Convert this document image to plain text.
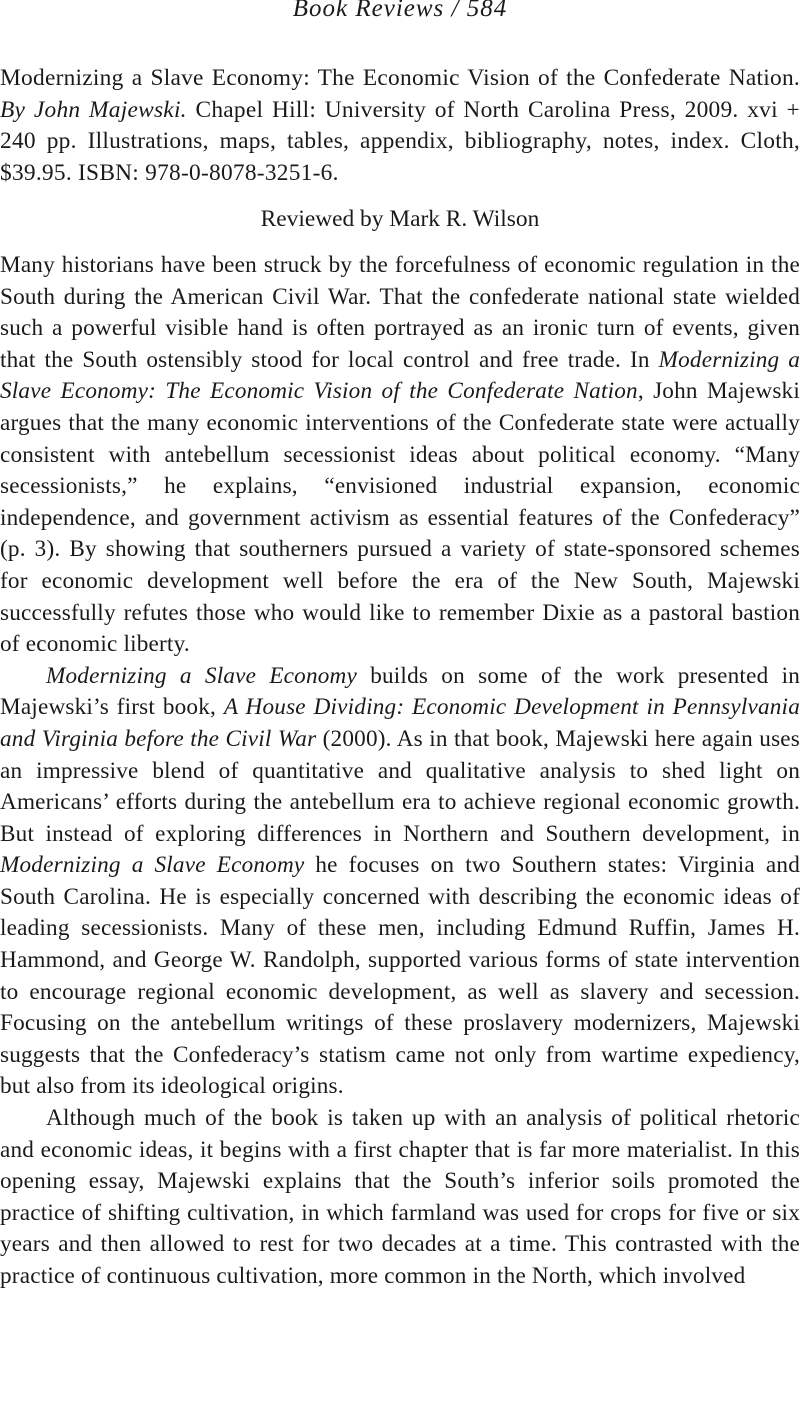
Book Reviews / 584
Modernizing a Slave Economy: The Economic Vision of the Confederate Nation. By John Majewski. Chapel Hill: University of North Carolina Press, 2009. xvi + 240 pp. Illustrations, maps, tables, appendix, bibliography, notes, index. Cloth, $39.95. ISBN: 978-0-8078-3251-6.
Reviewed by Mark R. Wilson

Many historians have been struck by the forcefulness of economic regulation in the South during the American Civil War. That the confederate national state wielded such a powerful visible hand is often portrayed as an ironic turn of events, given that the South ostensibly stood for local control and free trade. In Modernizing a Slave Economy: The Economic Vision of the Confederate Nation, John Majewski argues that the many economic interventions of the Confederate state were actually consistent with antebellum secessionist ideas about political economy. “Many secessionists,” he explains, “envisioned industrial expansion, economic independence, and government activism as essential features of the Confederacy” (p. 3). By showing that southerners pursued a variety of state-sponsored schemes for economic development well before the era of the New South, Majewski successfully refutes those who would like to remember Dixie as a pastoral bastion of economic liberty.

Modernizing a Slave Economy builds on some of the work presented in Majewski’s first book, A House Dividing: Economic Development in Pennsylvania and Virginia before the Civil War (2000). As in that book, Majewski here again uses an impressive blend of quantitative and qualitative analysis to shed light on Americans’ efforts during the antebellum era to achieve regional economic growth. But instead of exploring differences in Northern and Southern development, in Modernizing a Slave Economy he focuses on two Southern states: Virginia and South Carolina. He is especially concerned with describing the economic ideas of leading secessionists. Many of these men, including Edmund Ruffin, James H. Hammond, and George W. Randolph, supported various forms of state intervention to encourage regional economic development, as well as slavery and secession. Focusing on the antebellum writings of these proslavery modernizers, Majewski suggests that the Confederacy’s statism came not only from wartime expediency, but also from its ideological origins.

Although much of the book is taken up with an analysis of political rhetoric and economic ideas, it begins with a first chapter that is far more materialist. In this opening essay, Majewski explains that the South’s inferior soils promoted the practice of shifting cultivation, in which farmland was used for crops for five or six years and then allowed to rest for two decades at a time. This contrasted with the practice of continuous cultivation, more common in the North, which involved
